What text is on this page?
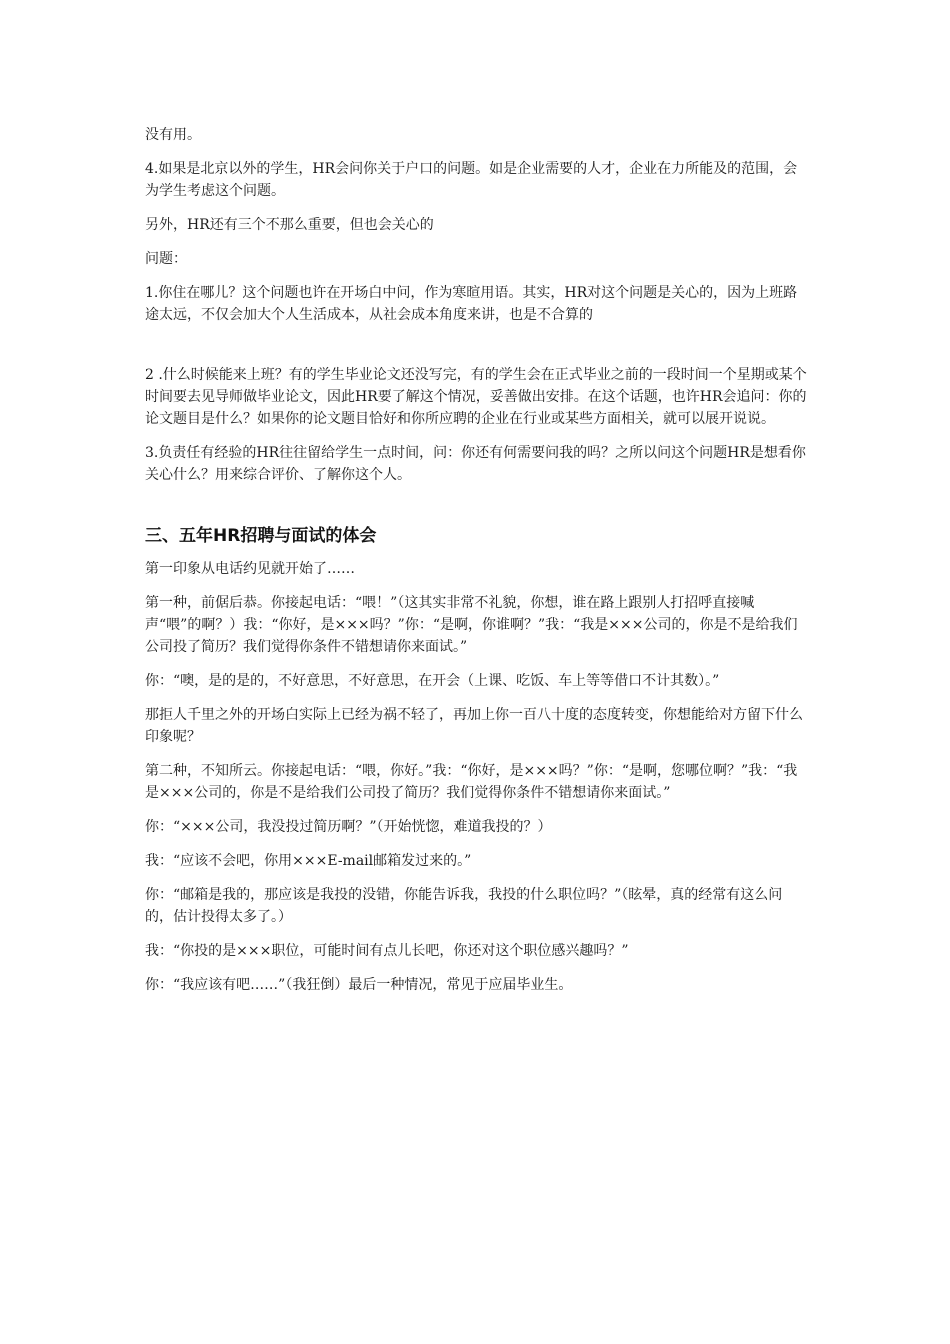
没有用。

4.如果是北京以外的学生，HR会问你关于户口的问题。如是企业需要的人才，企业在力所能及的范围，会为学生考虑这个问题。

另外，HR还有三个不那么重要，但也会关心的

问题：

1.你住在哪儿？这个问题也许在开场白中问，作为寒暄用语。其实，HR对这个问题是关心的，因为上班路途太远，不仅会加大个人生活成本，从社会成本角度来讲，也是不合算的

2 .什么时候能来上班？有的学生毕业论文还没写完，有的学生会在正式毕业之前的一段时间一个星期或某个时间要去见导师做毕业论文，因此HR要了解这个情况，妥善做出安排。在这个话题，也许HR会追问：你的论文题目是什么？如果你的论文题目恰好和你所应聘的企业在行业或某些方面相关，就可以展开说说。

3.负责任有经验的HR往往留给学生一点时间，问：你还有何需要问我的吗？之所以问这个问题HR是想看你关心什么？用来综合评价、了解你这个人。

三、五年HR招聘与面试的体会

第一印象从电话约见就开始了……

第一种，前倨后恭。你接起电话：“喂！”（这其实非常不礼貌，你想，谁在路上跟别人打招呼直接喊声“喂”的啊？）我：“你好，是×××吗？”你：“是啊，你谁啊？”我：“我是×××公司的，你是不是给我们公司投了简历？我们觉得你条件不错想请你来面试。”

你：“噢，是的是的，不好意思，不好意思，在开会（上课、吃饭、车上等等借口不计其数）。”

那拒人千里之外的开场白实际上已经为祸不轻了，再加上你一百八十度的态度转变，你想能给对方留下什么印象呢？

第二种，不知所云。你接起电话：“喂，你好。”我：“你好，是×××吗？”你：“是啊，您哪位啊？”我：“我是×××公司的，你是不是给我们公司投了简历？我们觉得你条件不错想请你来面试。”

你：“×××公司，我没投过简历啊？”（开始恍惚，难道我投的？）

我：“应该不会吧，你用×××E-mail邮箱发过来的。”

你：“邮箱是我的，那应该是我投的没错，你能告诉我，我投的什么职位吗？”（眩晕，真的经常有这么问的，估计投得太多了。）

我：“你投的是×××职位，可能时间有点儿长吧，你还对这个职位感兴趣吗？”

你：“我应该有吧……”（我狂倒）最后一种情况，常见于应届毕业生。
